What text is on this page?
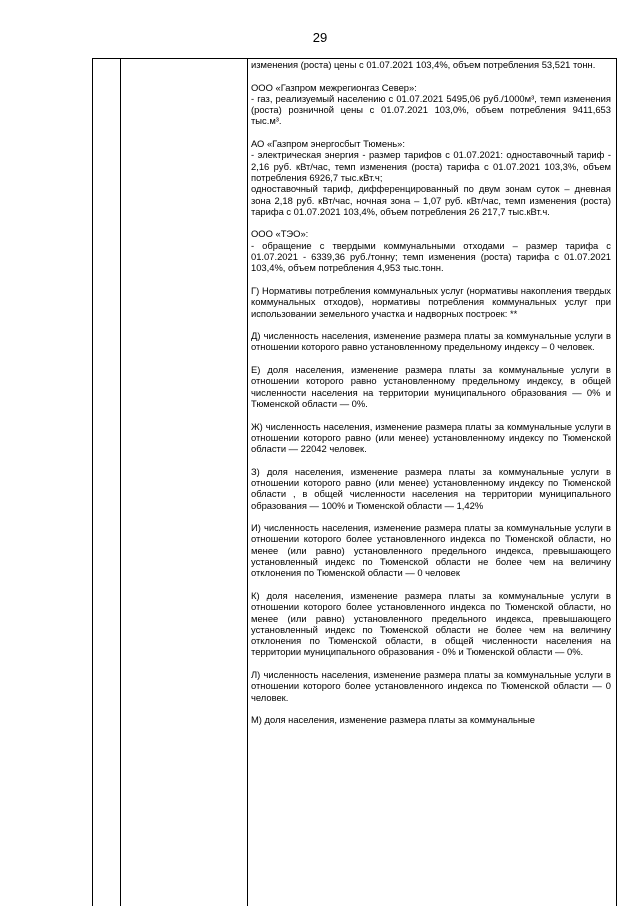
29

изменения (роста) цены с 01.07.2021 103,4%, объем потребления 53,521 тонн.

ООО «Газпром межрегионгаз Север»:
- газ, реализуемый населению с 01.07.2021 5495,06 руб./1000м³, темп изменения (роста) розничной цены с 01.07.2021 103,0%, объем потребления 9411,653 тыс.м³.

АО «Газпром энергосбыт Тюмень»:
- электрическая энергия - размер тарифов с 01.07.2021: одноставочный тариф - 2,16 руб. кВт/час, темп изменения (роста) тарифа с 01.07.2021 103,3%, объем потребления 6926,7 тыс.кВт.ч;
одноставочный тариф, дифференцированный по двум зонам суток – дневная зона 2,18 руб. кВт/час, ночная зона – 1,07 руб. кВт/час, темп изменения (роста) тарифа с 01.07.2021 103,4%, объем потребления 26 217,7 тыс.кВт.ч.

ООО «ТЭО»:
- обращение с твердыми коммунальными отходами – размер тарифа с 01.07.2021 - 6339,36 руб./тонну; темп изменения (роста) тарифа с 01.07.2021 103,4%, объем потребления 4,953 тыс.тонн.

Г) Нормативы потребления коммунальных услуг (нормативы накопления твердых коммунальных отходов), нормативы потребления коммунальных услуг при использовании земельного участка и надворных построек: **

Д) численность населения, изменение размера платы за коммунальные услуги в отношении которого равно установленному предельному индексу – 0 человек.

Е) доля населения, изменение размера платы за коммунальные услуги в отношении которого равно установленному предельному индексу, в общей численности населения на территории муниципального образования — 0% и Тюменской области — 0%.

Ж) численность населения, изменение размера платы за коммунальные услуги в отношении которого равно (или менее) установленному индексу по Тюменской области — 22042 человек.

З) доля населения, изменение размера платы за коммунальные услуги в отношении которого равно (или менее) установленному индексу по Тюменской области , в общей численности населения на территории муниципального образования — 100% и Тюменской области — 1,42%

И) численность населения, изменение размера платы за коммунальные услуги в отношении которого более установленного индекса по Тюменской области, но менее (или равно) установленного предельного индекса, превышающего установленный индекс по Тюменской области не более чем на величину отклонения по Тюменской области — 0 человек

К) доля населения, изменение размера платы за коммунальные услуги в отношении которого более установленного индекса по Тюменской области, но менее (или равно) установленного предельного индекса, превышающего установленный индекс по Тюменской области не более чем на величину отклонения по Тюменской области, в общей численности населения на территории муниципального образования - 0% и Тюменской области — 0%.

Л) численность населения, изменение размера платы за коммунальные услуги в отношении которого более установленного индекса по Тюменской области — 0 человек.

М) доля населения, изменение размера платы за коммунальные
